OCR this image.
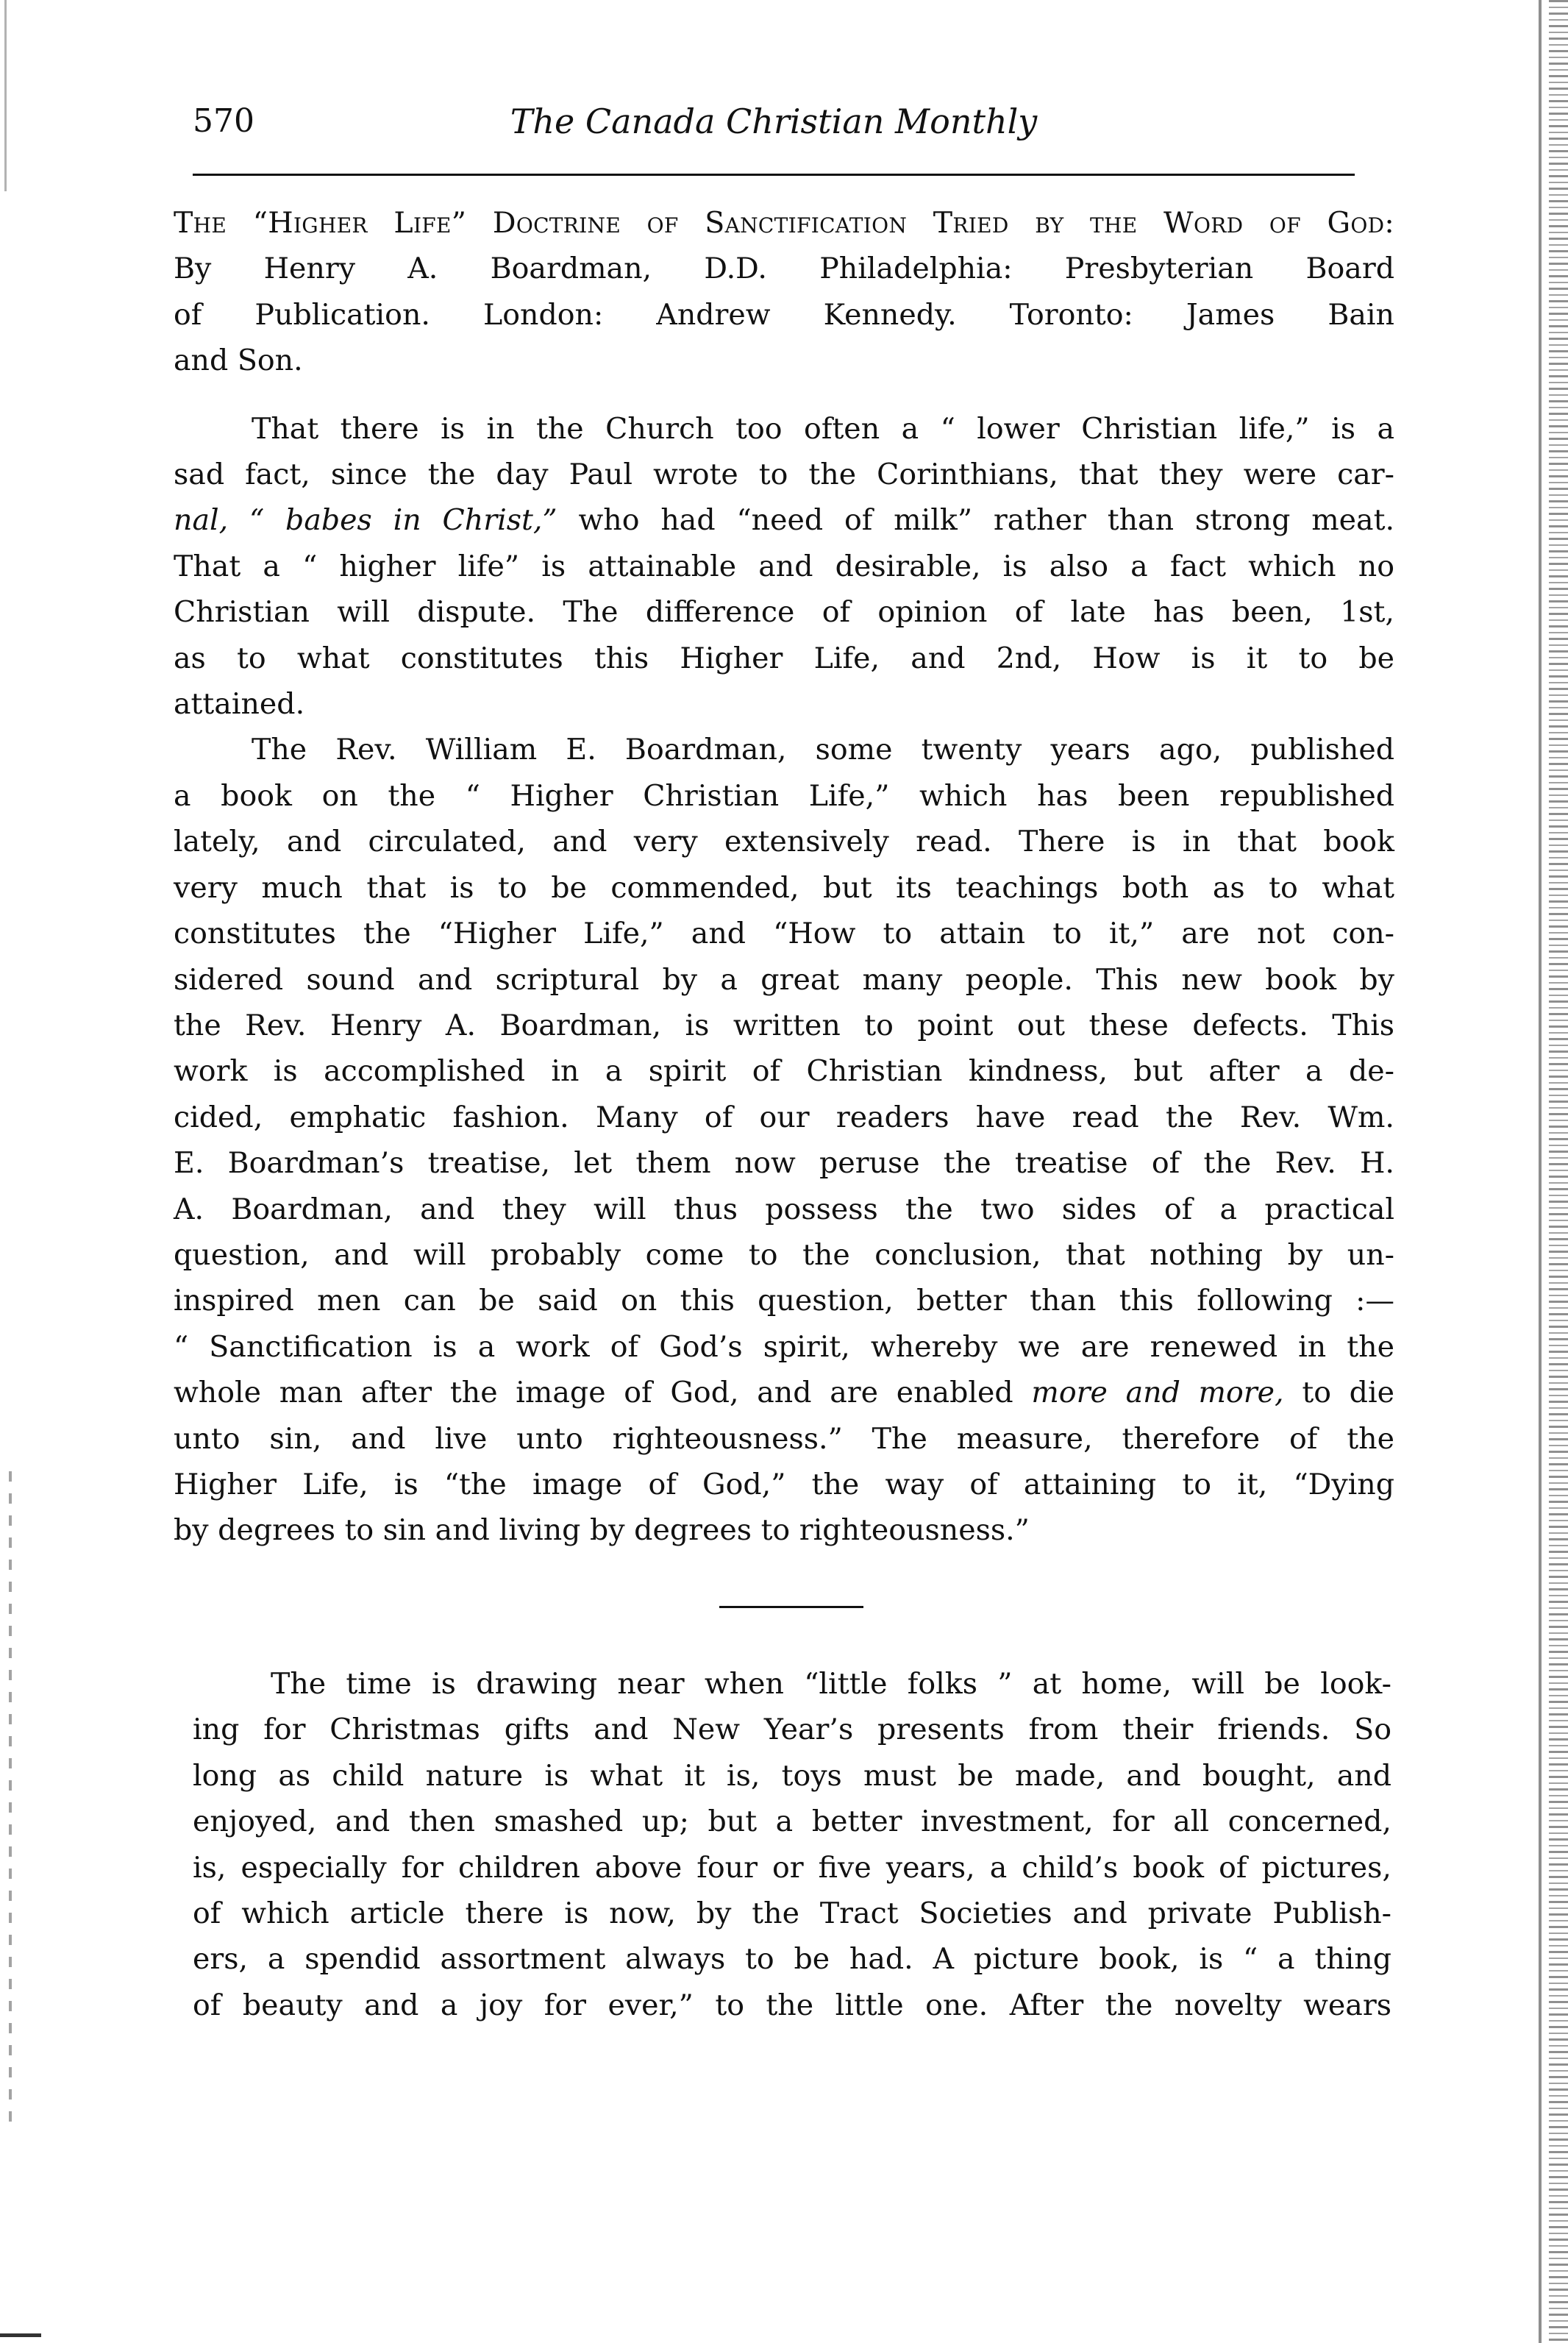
570	The Canada Christian Monthly
The “Higher Life” Doctrine of Sanctification Tried by the Word of God:
By Henry A. Boardman, D.D. Philadelphia: Presbyterian Board
of Publication. London: Andrew Kennedy. Toronto: James Bain
and Son.
That there is in the Church too often a “ lower Christian life,” is a
sad fact, since the day Paul wrote to the Corinthians, that they were car-
nal, “ babes in Christ,” who had “need of milk” rather than strong meat.
That a “ higher life” is attainable and desirable, is also a fact which no
Christian will dispute. The difference of opinion of late has been, 1st,
as to what constitutes this Higher Life, and 2nd, How is it to be
attained.
The Rev. William E. Boardman, some twenty years ago, published
a book on the “ Higher Christian Life,” which has been republished
lately, and circulated, and very extensively read. There is in that book
very much that is to be commended, but its teachings both as to what
constitutes the “Higher Life,” and “How to attain to it,” are not con-
sidered sound and scriptural by a great many people. This new book by
the Rev. Henry A. Boardman, is written to point out these defects. This
work is accomplished in a spirit of Christian kindness, but after a de-
cided, emphatic fashion. Many of our readers have read the Rev. Wm.
E. Boardman’s treatise, let them now peruse the treatise of the Rev. H.
A. Boardman, and they will thus possess the two sides of a practical
question, and will probably come to the conclusion, that nothing by un-
inspired men can be said on this question, better than this following :—
“ Sanctification is a work of God’s spirit, whereby we are renewed in the
whole man after the image of God, and are enabled more and more, to die
unto sin, and live unto righteousness.” The measure, therefore of the
Higher Life, is “the image of God,” the way of attaining to it, “Dying
by degrees to sin and living by degrees to righteousness.”
The time is drawing near when “little folks ” at home, will be look-
ing for Christmas gifts and New Year’s presents from their friends. So
long as child nature is what it is, toys must be made, and bought, and
enjoyed, and then smashed up; but a better investment, for all concerned,
is, especially for children above four or five years, a child’s book of pictures,
of which article there is now, by the Tract Societies and private Publish-
ers, a spendid assortment always to be had. A picture book, is “ a thing
of beauty and a joy for ever,” to the little one. After the novelty wears
